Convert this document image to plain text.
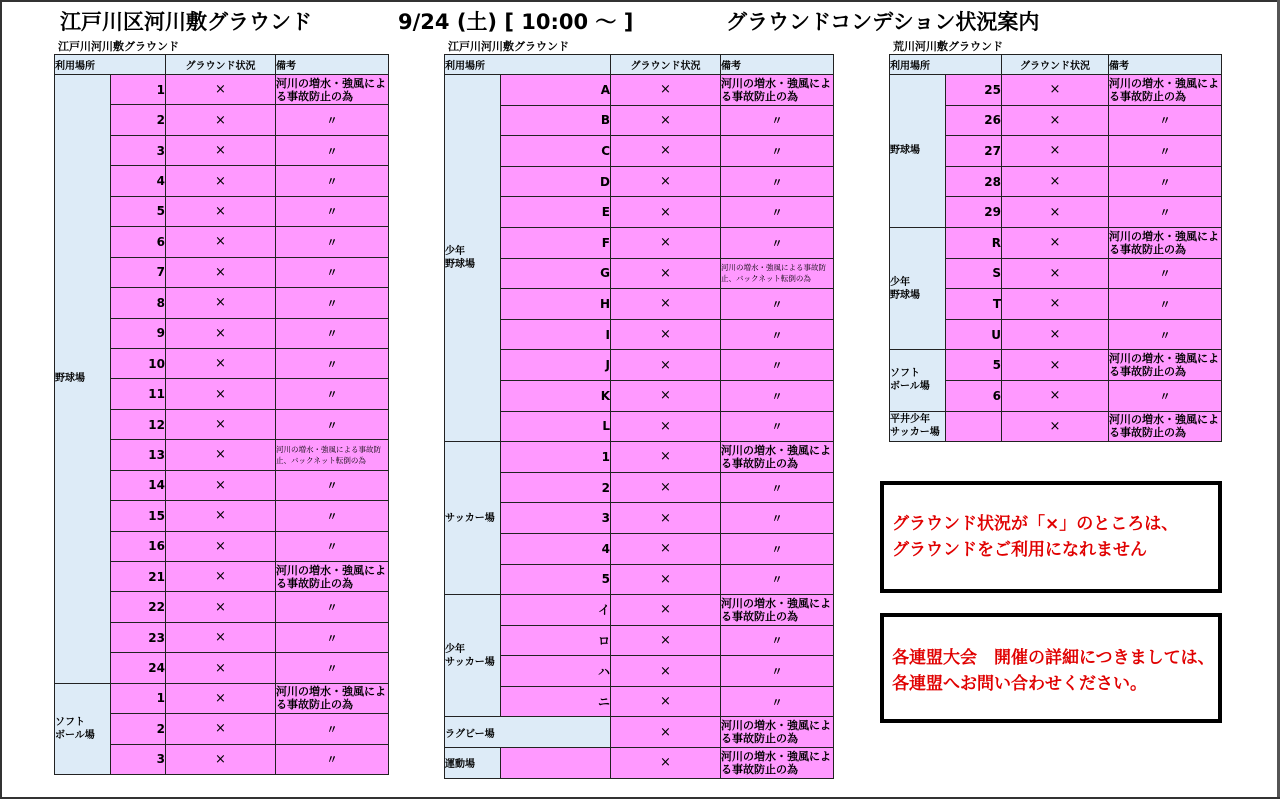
江戸川区河川敷グラウンド	9/24 (土) [ 10:00 ～ ]	グラウンドコンデション状況案内
江戸川河川敷グラウンド	江戸川河川敷グラウンド	荒川河川敷グラウンド
利用場所		グラウンド状況	備考
野球場	1	×	河川の増水・強風による事故防止の為
	2	×	〃
	3	×	〃
	4	×	〃
	5	×	〃
	6	×	〃
	7	×	〃
	8	×	〃
	9	×	〃
	10	×	〃
	11	×	〃
	12	×	〃
	13	×	河川の増水・強風による事故防止、バックネット転倒の為
	14	×	〃
	15	×	〃
	16	×	〃
	21	×	河川の増水・強風による事故防止の為
	22	×	〃
	23	×	〃
	24	×	〃
ソフト
ボール場	1	×	河川の増水・強風による事故防止の為
	2	×	〃
	3	×	〃
利用場所		グラウンド状況	備考
少年
野球場	A	×	河川の増水・強風による事故防止の為
	B	×	〃
	C	×	〃
	D	×	〃
	E	×	〃
	F	×	〃
	G	×	河川の増水・強風による事故防止、バックネット転倒の為
	H	×	〃
	I	×	〃
	J	×	〃
	K	×	〃
	L	×	〃
サッカー場	1	×	河川の増水・強風による事故防止の為
	2	×	〃
	3	×	〃
	4	×	〃
	5	×	〃
少年
サッカー場	イ	×	河川の増水・強風による事故防止の為
	ロ	×	〃
	ハ	×	〃
	ニ	×	〃
ラグビー場		×	河川の増水・強風による事故防止の為
運動場		×	河川の増水・強風による事故防止の為
利用場所		グラウンド状況	備考
野球場	25	×	河川の増水・強風による事故防止の為
	26	×	〃
	27	×	〃
	28	×	〃
	29	×	〃
少年
野球場	R	×	河川の増水・強風による事故防止の為
	S	×	〃
	T	×	〃
	U	×	〃
ソフト
ボール場	5	×	河川の増水・強風による事故防止の為
	6	×	〃
平井少年
サッカー場		×	河川の増水・強風による事故防止の為
グラウンド状況が「×」のところは、
グラウンドをご利用になれません
各連盟大会　開催の詳細につきましては、
各連盟へお問い合わせください。
